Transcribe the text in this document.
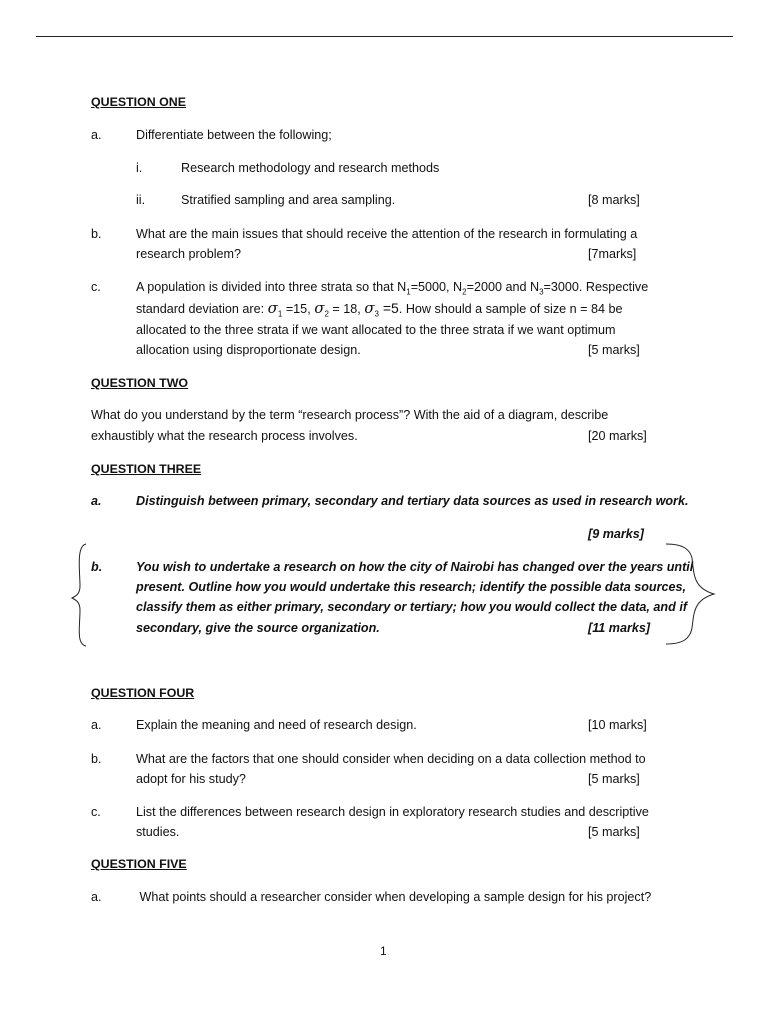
QUESTION ONE
a.	Differentiate between the following;
i.	Research methodology and research methods
ii.	Stratified sampling and area sampling.	[8 marks]
b.	What are the main issues that should receive the attention of the research in formulating a
research problem?	[7marks]
c.	A population is divided into three strata so that $N_1=5000$, $N_2=2000$ and $N_3=3000$. Respective
standard deviation are: $\sigma_1 =15$, $\sigma_2 = 18$, $\sigma_3 =5$. How should a sample of size n = 84 be
allocated to the three strata if we want allocated to the three strata if we want optimum
allocation using disproportionate design.	[5 marks]
QUESTION TWO
What do you understand by the term “research process”? With the aid of a diagram, describe
exhaustibly what the research process involves.	[20 marks]
QUESTION THREE
a.	Distinguish between primary, secondary and tertiary data sources as used in research work.
[9 marks]
b.	You wish to undertake a research on how the city of Nairobi has changed over the years until
present. Outline how you would undertake this research; identify the possible data sources,
classify them as either primary, secondary or tertiary; how you would collect the data, and if
secondary, give the source organization.	[11 marks]
QUESTION FOUR
a.	Explain the meaning and need of research design.	[10 marks]
b.	What are the factors that one should consider when deciding on a data collection method to
adopt for his study?	[5 marks]
c.	List the differences between research design in exploratory research studies and descriptive
studies.	[5 marks]
QUESTION FIVE
a.	What points should a researcher consider when developing a sample design for his project?
1
